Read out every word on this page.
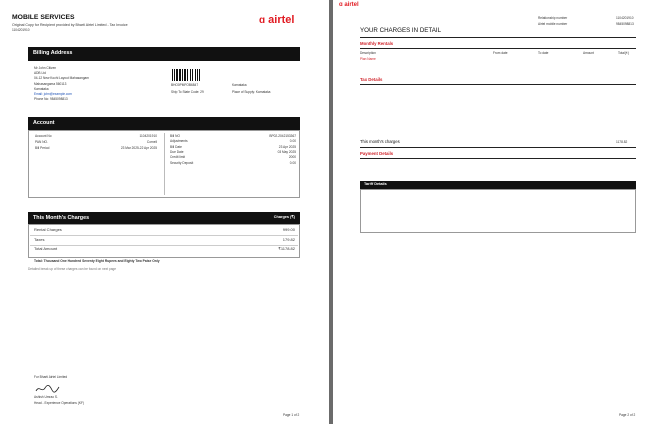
MOBILE SERVICES
Original Copy for Recipient provided by Bharti Airtel Limited - Tax Invoice
1104201910
ɑ airtel
Billing Address
BHO0PMFOB6847	Karnataka
Ship To State Code: 29	Place of Supply: Karnataka
Account
This Month's Charges	Charges (₹)
Total: Thousand One Hundred Seventy Eight Rupees and Eighty Two Paise Only
Detailed break up of these charges can be found on next page
For Bharti Airtel Limited
Ashish Umrao S.
Head - Experience Operations (KF)
Page 1 of 2
Mr John Citizen
ADB Ltd
04-12 New Kochi Layout Mahasangam
Mahasangama 560113
Karnataka
Email: john@example.com
Phone No: 9845098813
Account No	1104201910
PAN NO.	Cornell
Bill Period	23 Mar 2025-22 Apr 2025
Bill NO	BP02-2042153367
Adjustments	0.00
Bill Date	23 Apr 2025
Due Date	03 May 2025
Credit limit	2000
Security Deposit	0.00
Rental Charges	999.00
Taxes	179.82
Total Amount	₹1178.82
ɑ airtel
Relationship number	1104201910
Airtel mobile number	9845098813
YOUR CHARGES IN DETAIL
Monthly Rentals
Tax Details
This month's charges	1178.82
Payment Details
Tariff Details
Page 2 of 2
Description	From date	To date	Amount	Total(₹)
Plan Name
